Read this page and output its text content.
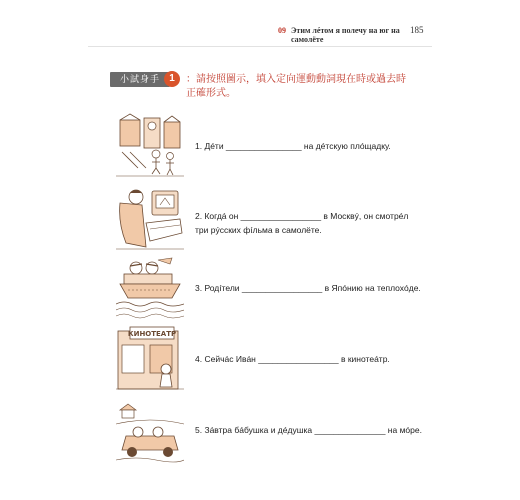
09 Этим лéтом я полечу на юг на самолёте
185
小試身手 1	：請按照圖示，填入定向運動動詞現在時或過去時正確形式。
1. Дéти ________________ на дéтскую плóщадку.
2. Когдá он _________________ в Москвý, он смотрéл
три рýсских фíльма в самолёте.
3. Родíтели _________________ в Япóнию на теплохóде.
КИНОТЕАТР
4. Сейчáс Ивáн _________________ в кинотеáтр.
5. Зáвтра бáбушка и дéдушка _______________ на мóре.
